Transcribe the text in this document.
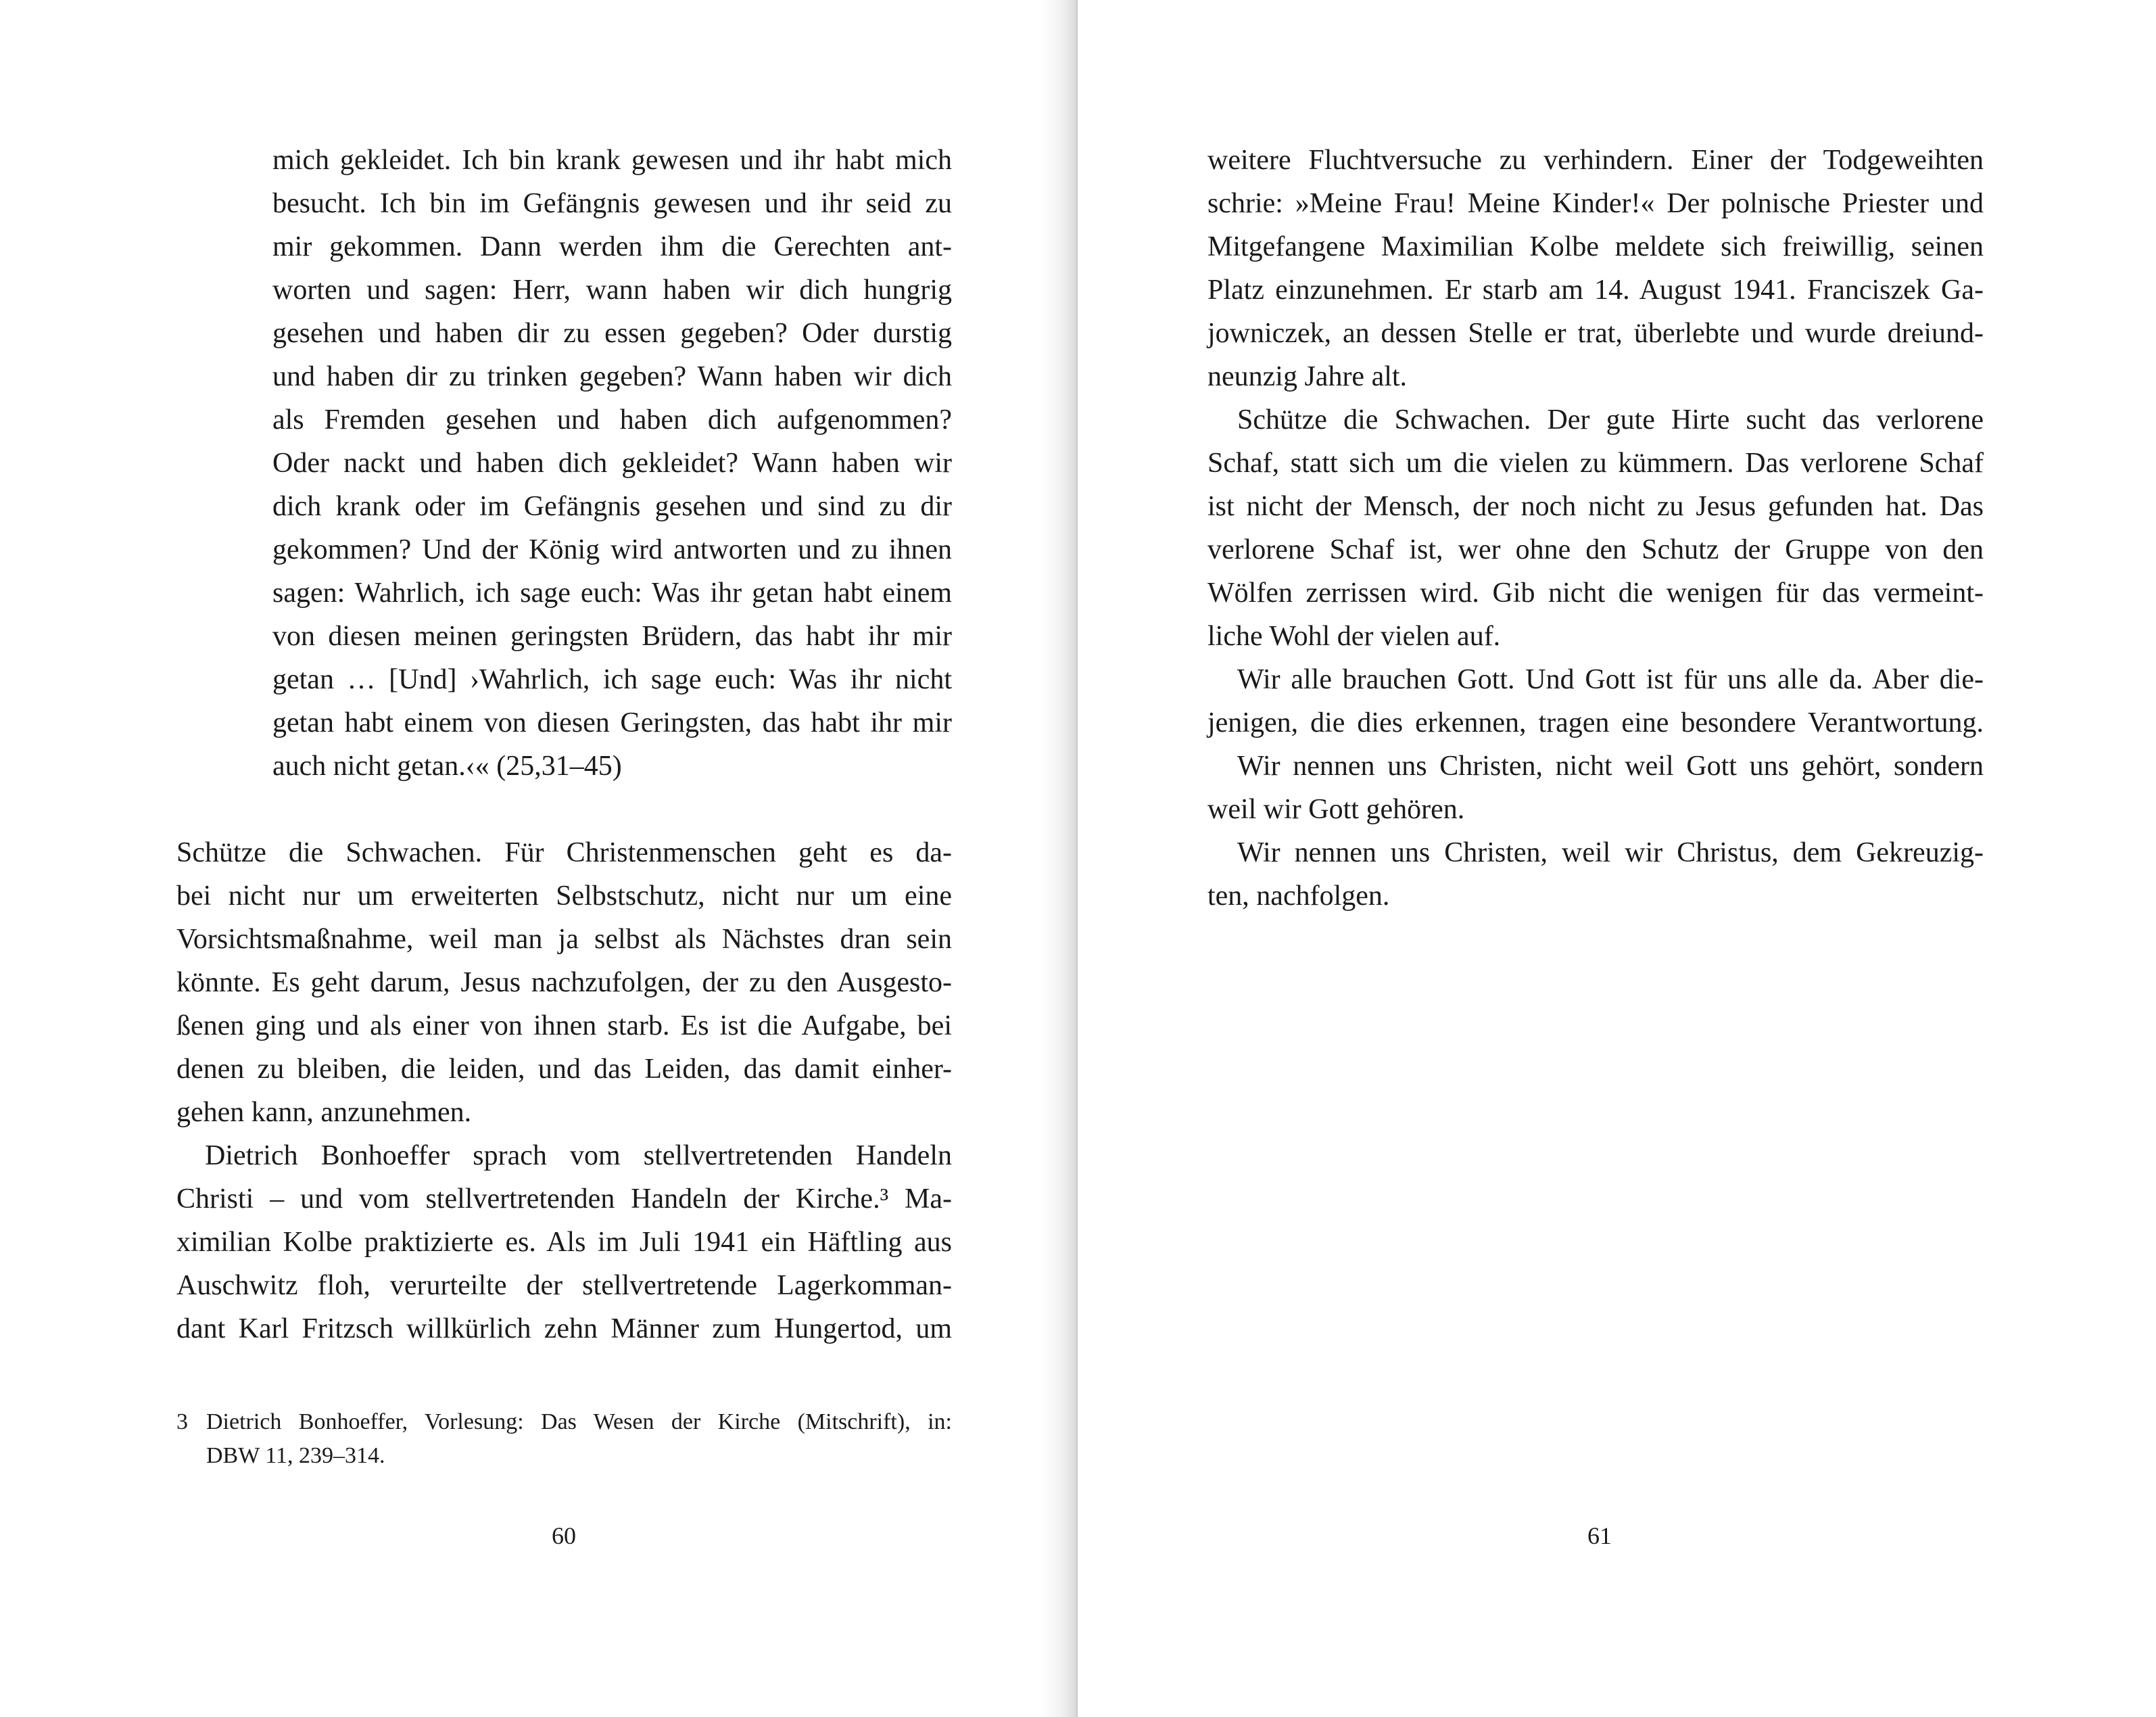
mich gekleidet. Ich bin krank gewesen und ihr habt mich
besucht. Ich bin im Gefängnis gewesen und ihr seid zu
mir gekommen. Dann werden ihm die Gerechten ant-
worten und sagen: Herr, wann haben wir dich hungrig
gesehen und haben dir zu essen gegeben? Oder durstig
und haben dir zu trinken gegeben? Wann haben wir dich
als Fremden gesehen und haben dich aufgenommen?
Oder nackt und haben dich gekleidet? Wann haben wir
dich krank oder im Gefängnis gesehen und sind zu dir
gekommen? Und der König wird antworten und zu ihnen
sagen: Wahrlich, ich sage euch: Was ihr getan habt einem
von diesen meinen geringsten Brüdern, das habt ihr mir
getan … [Und] ›Wahrlich, ich sage euch: Was ihr nicht
getan habt einem von diesen Geringsten, das habt ihr mir
auch nicht getan.‹« (25,31–45)
Schütze die Schwachen. Für Christenmenschen geht es da-
bei nicht nur um erweiterten Selbstschutz, nicht nur um eine
Vorsichtsmaßnahme, weil man ja selbst als Nächstes dran sein
könnte. Es geht darum, Jesus nachzufolgen, der zu den Ausgesto-
ßenen ging und als einer von ihnen starb. Es ist die Aufgabe, bei
denen zu bleiben, die leiden, und das Leiden, das damit einher-
gehen kann, anzunehmen.
Dietrich Bonhoeffer sprach vom stellvertretenden Handeln
Christi – und vom stellvertretenden Handeln der Kirche.³ Ma-
ximilian Kolbe praktizierte es. Als im Juli 1941 ein Häftling aus
Auschwitz floh, verurteilte der stellvertretende Lagerkomman-
dant Karl Fritzsch willkürlich zehn Männer zum Hungertod, um
3 Dietrich Bonhoeffer, Vorlesung: Das Wesen der Kirche (Mitschrift), in:
DBW 11, 239–314.
60
weitere Fluchtversuche zu verhindern. Einer der Todgeweihten
schrie: »Meine Frau! Meine Kinder!« Der polnische Priester und
Mitgefangene Maximilian Kolbe meldete sich freiwillig, seinen
Platz einzunehmen. Er starb am 14. August 1941. Franciszek Ga-
jowniczek, an dessen Stelle er trat, überlebte und wurde dreiund-
neunzig Jahre alt.
Schütze die Schwachen. Der gute Hirte sucht das verlorene
Schaf, statt sich um die vielen zu kümmern. Das verlorene Schaf
ist nicht der Mensch, der noch nicht zu Jesus gefunden hat. Das
verlorene Schaf ist, wer ohne den Schutz der Gruppe von den
Wölfen zerrissen wird. Gib nicht die wenigen für das vermeint-
liche Wohl der vielen auf.
Wir alle brauchen Gott. Und Gott ist für uns alle da. Aber die-
jenigen, die dies erkennen, tragen eine besondere Verantwortung.
Wir nennen uns Christen, nicht weil Gott uns gehört, sondern
weil wir Gott gehören.
Wir nennen uns Christen, weil wir Christus, dem Gekreuzig-
ten, nachfolgen.
61
